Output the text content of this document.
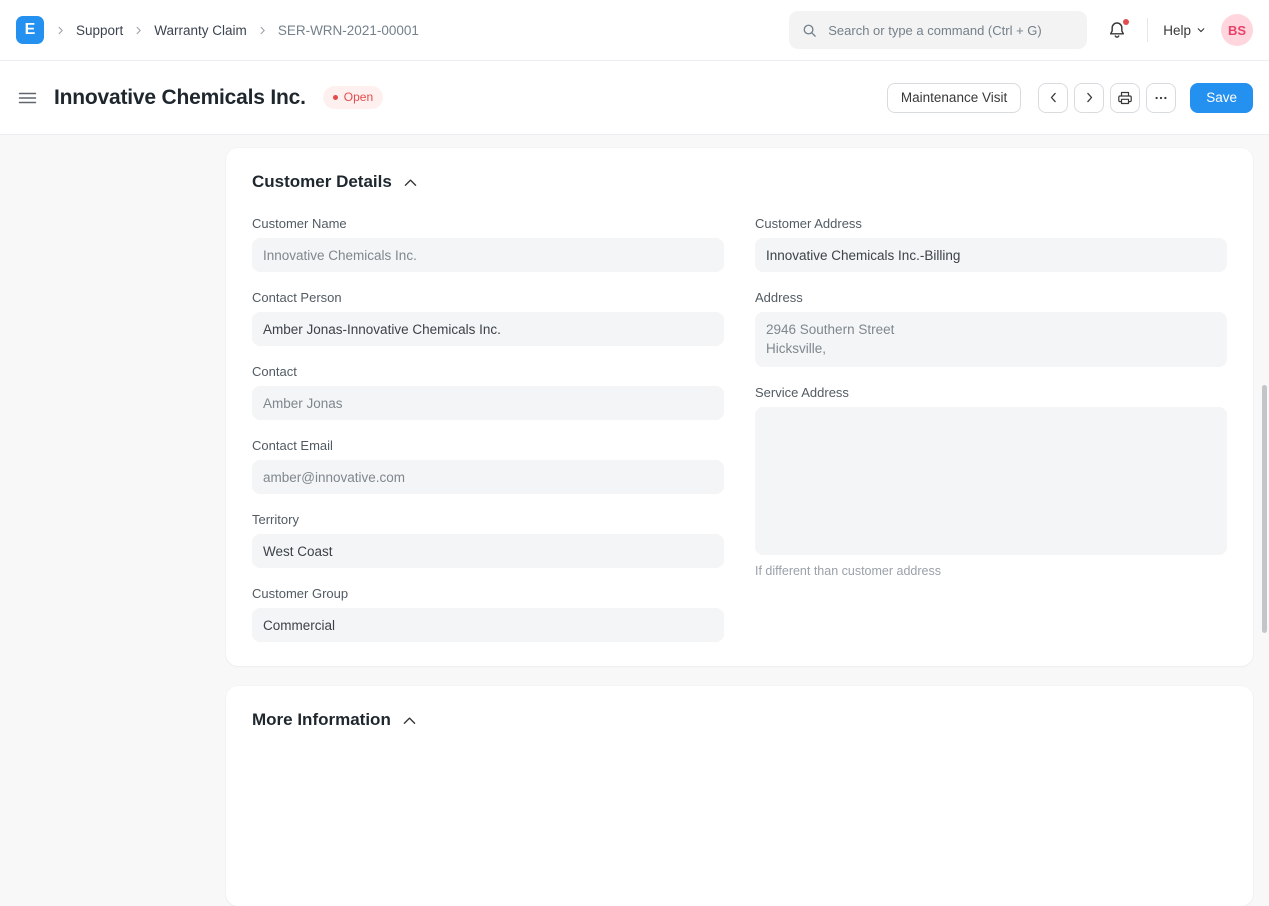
E	Support Warranty Claim SER-WRN-2021-00001
Search or type a command (Ctrl + G)	Help	BS
Innovative Chemicals Inc.	Open	Maintenance Visit	Save
Customer Details
Customer Name
Innovative Chemicals Inc.
Contact Person
Amber Jonas-Innovative Chemicals Inc.
Contact
Amber Jonas
Contact Email
amber@innovative.com
Territory
West Coast
Customer Group
Commercial
Customer Address
Innovative Chemicals Inc.-Billing
Address
2946 Southern Street
Hicksville,
Service Address
If different than customer address
More Information
